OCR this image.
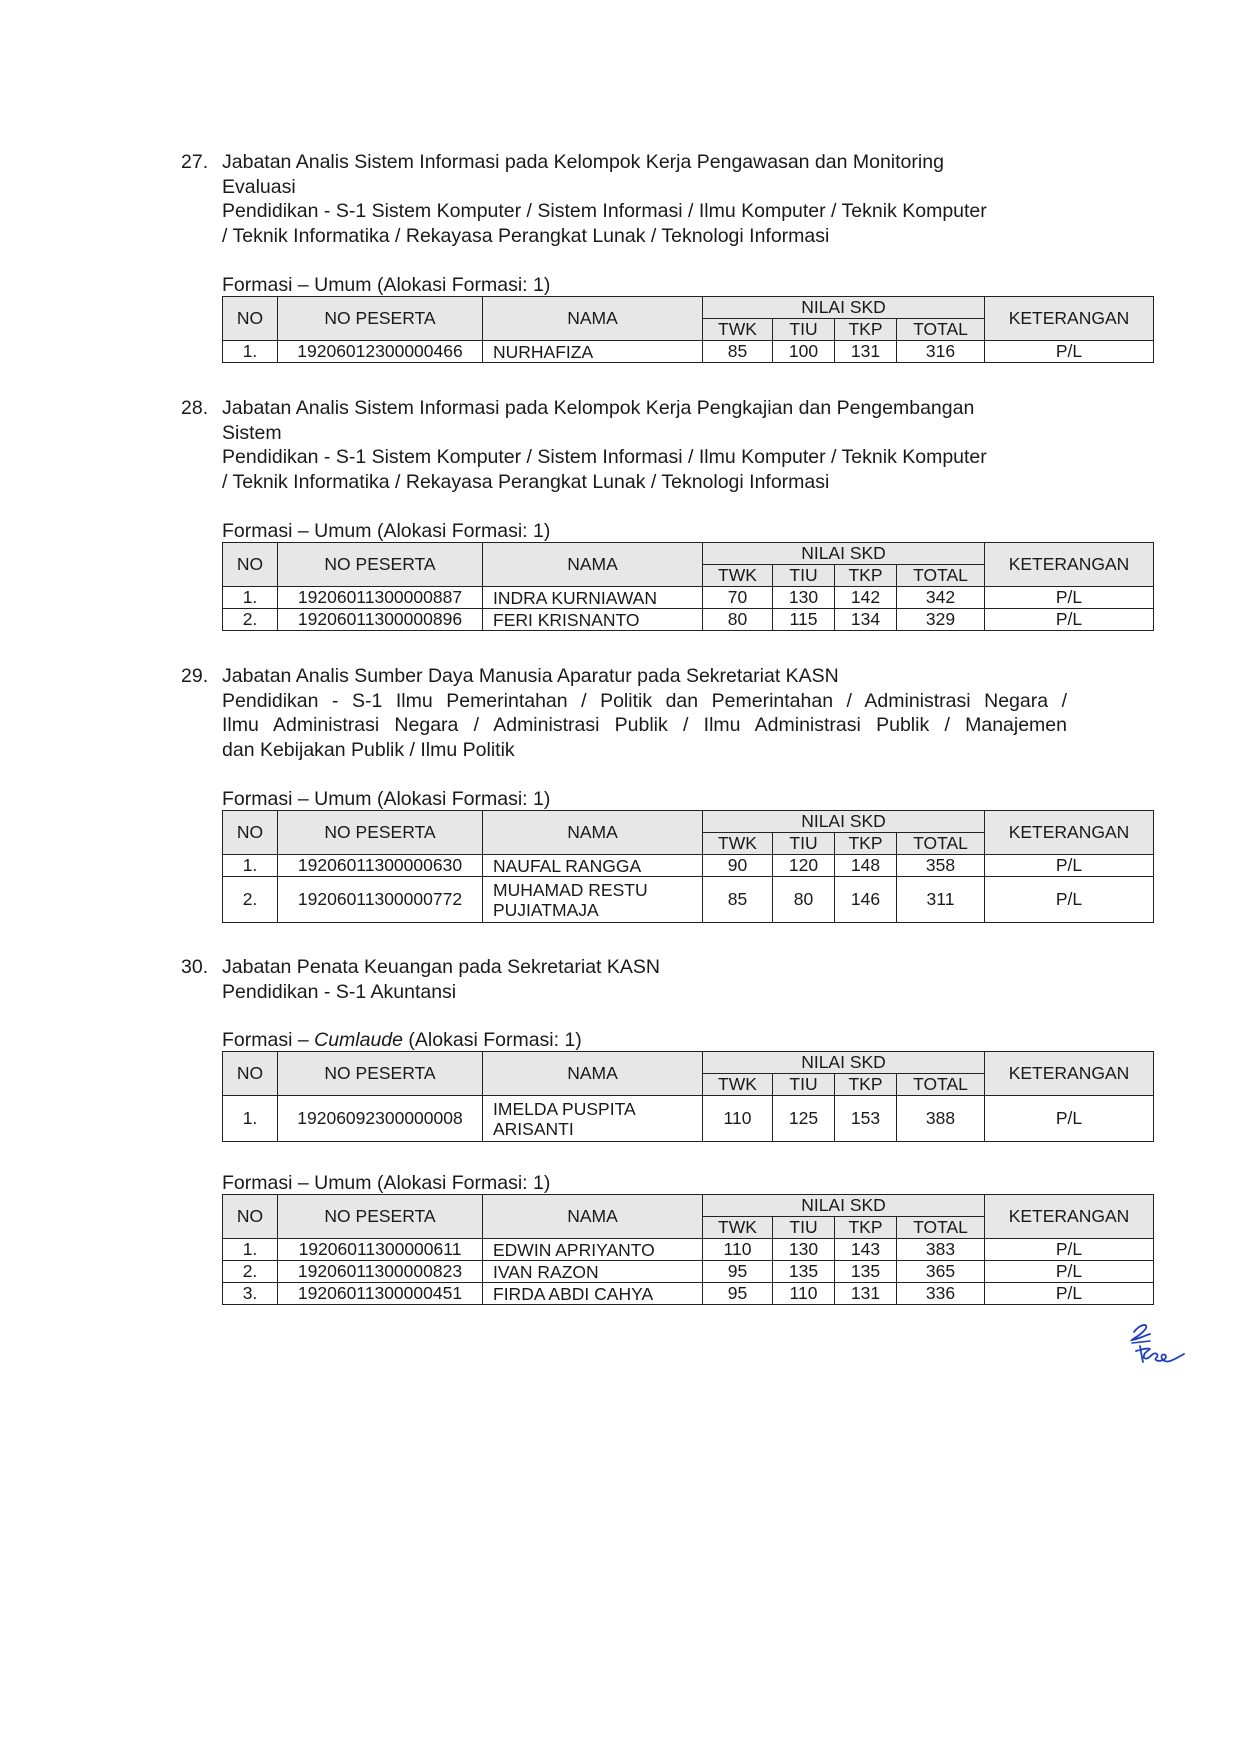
27. Jabatan Analis Sistem Informasi pada Kelompok Kerja Pengawasan dan Monitoring
Evaluasi
Pendidikan - S-1 Sistem Komputer / Sistem Informasi / Ilmu Komputer / Teknik Komputer
/ Teknik Informatika / Rekayasa Perangkat Lunak / Teknologi Informasi
Formasi – Umum (Alokasi Formasi: 1)
NO	NO PESERTA	NAMA	NILAI SKD				KETERANGAN
			TWK	TIU	TKP	TOTAL	
1.	19206012300000466	NURHAFIZA	85	100	131	316	P/L
28. Jabatan Analis Sistem Informasi pada Kelompok Kerja Pengkajian dan Pengembangan
Sistem
Pendidikan - S-1 Sistem Komputer / Sistem Informasi / Ilmu Komputer / Teknik Komputer
/ Teknik Informatika / Rekayasa Perangkat Lunak / Teknologi Informasi
Formasi – Umum (Alokasi Formasi: 1)
NO	NO PESERTA	NAMA	NILAI SKD				KETERANGAN
			TWK	TIU	TKP	TOTAL	
1.	19206011300000887	INDRA KURNIAWAN	70	130	142	342	P/L
2.	19206011300000896	FERI KRISNANTO	80	115	134	329	P/L
29. Jabatan Analis Sumber Daya Manusia Aparatur pada Sekretariat KASN
Pendidikan - S-1 Ilmu Pemerintahan / Politik dan Pemerintahan / Administrasi Negara /
Ilmu Administrasi Negara / Administrasi Publik / Ilmu Administrasi Publik / Manajemen
dan Kebijakan Publik / Ilmu Politik
Formasi – Umum (Alokasi Formasi: 1)
NO	NO PESERTA	NAMA	NILAI SKD				KETERANGAN
			TWK	TIU	TKP	TOTAL	
1.	19206011300000630	NAUFAL RANGGA	90	120	148	358	P/L
2.	19206011300000772	MUHAMAD RESTU PUJIATMAJA	85	80	146	311	P/L
30. Jabatan Penata Keuangan pada Sekretariat KASN
Pendidikan - S-1 Akuntansi
Formasi – Cumlaude (Alokasi Formasi: 1)
NO	NO PESERTA	NAMA	NILAI SKD				KETERANGAN
			TWK	TIU	TKP	TOTAL	
1.	19206092300000008	IMELDA PUSPITA ARISANTI	110	125	153	388	P/L
Formasi – Umum (Alokasi Formasi: 1)
NO	NO PESERTA	NAMA	NILAI SKD				KETERANGAN
			TWK	TIU	TKP	TOTAL	
1.	19206011300000611	EDWIN APRIYANTO	110	130	143	383	P/L
2.	19206011300000823	IVAN RAZON	95	135	135	365	P/L
3.	19206011300000451	FIRDA ABDI CAHYA	95	110	131	336	P/L
